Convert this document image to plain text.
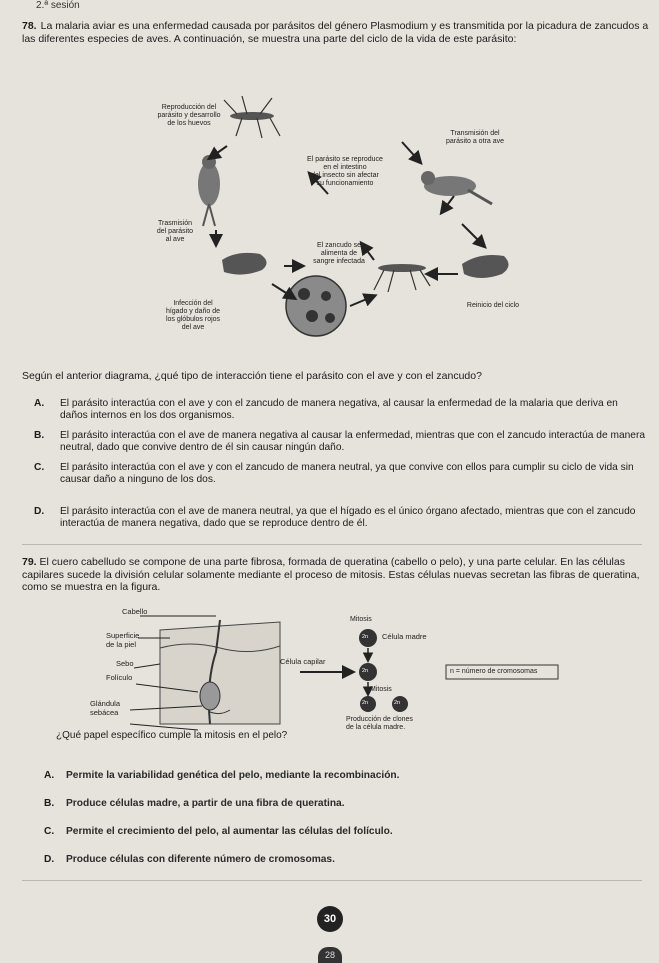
2.ª sesión

78. La malaria aviar es una enfermedad causada por parásitos del género Plasmodium y es transmitida por la picadura de zancudos a las diferentes especies de aves. A continuación, se muestra una parte del ciclo de la vida de este parásito:

Reproducción del
parásito y desarrollo
de los huevos
Transmisión del
parásito a otra ave
El parásito se reproduce
en el intestino
del insecto sin afectar
su funcionamiento
Trasmisión
del parásito
al ave
El zancudo se
alimenta de
sangre infectada
Infección del
hígado y daño de
los glóbulos rojos
del ave
Reinicio del ciclo

Según el anterior diagrama, ¿qué tipo de interacción tiene el parásito con el ave y con el zancudo?

A.	El parásito interactúa con el ave y con el zancudo de manera negativa, al causar la enfermedad de la malaria que deriva en daños internos en los dos organismos.
B.	El parásito interactúa con el ave de manera negativa al causar la enfermedad, mientras que con el zancudo interactúa de manera neutral, dado que convive dentro de él sin causar ningún daño.
C.	El parásito interactúa con el ave y con el zancudo de manera neutral, ya que convive con ellos para cumplir su ciclo de vida sin causar daño a ninguno de los dos.
D.	El parásito interactúa con el ave de manera neutral, ya que el hígado es el único órgano afectado, mientras que con el zancudo interactúa de manera negativa, dado que se reproduce dentro de él.

79. El cuero cabelludo se compone de una parte fibrosa, formada de queratina (cabello o pelo), y una parte celular. En las células capilares sucede la división celular solamente mediante el proceso de mitosis. Estas células nuevas secretan las fibras de queratina, como se muestra en la figura.

Cabello
Superficie
de la piel
Sebo
Folículo
Glándula
sebácea
Célula capilar
Mitosis
2n Célula madre
2n	n = número de cromosomas
Mitosis
2n	2n
Producción de clones
de la célula madre.

¿Qué papel específico cumple la mitosis en el pelo?

A.	Permite la variabilidad genética del pelo, mediante la recombinación.
B.	Produce células madre, a partir de una fibra de queratina.
C.	Permite el crecimiento del pelo, al aumentar las células del folículo.
D.	Produce células con diferente número de cromosomas.
30
28
